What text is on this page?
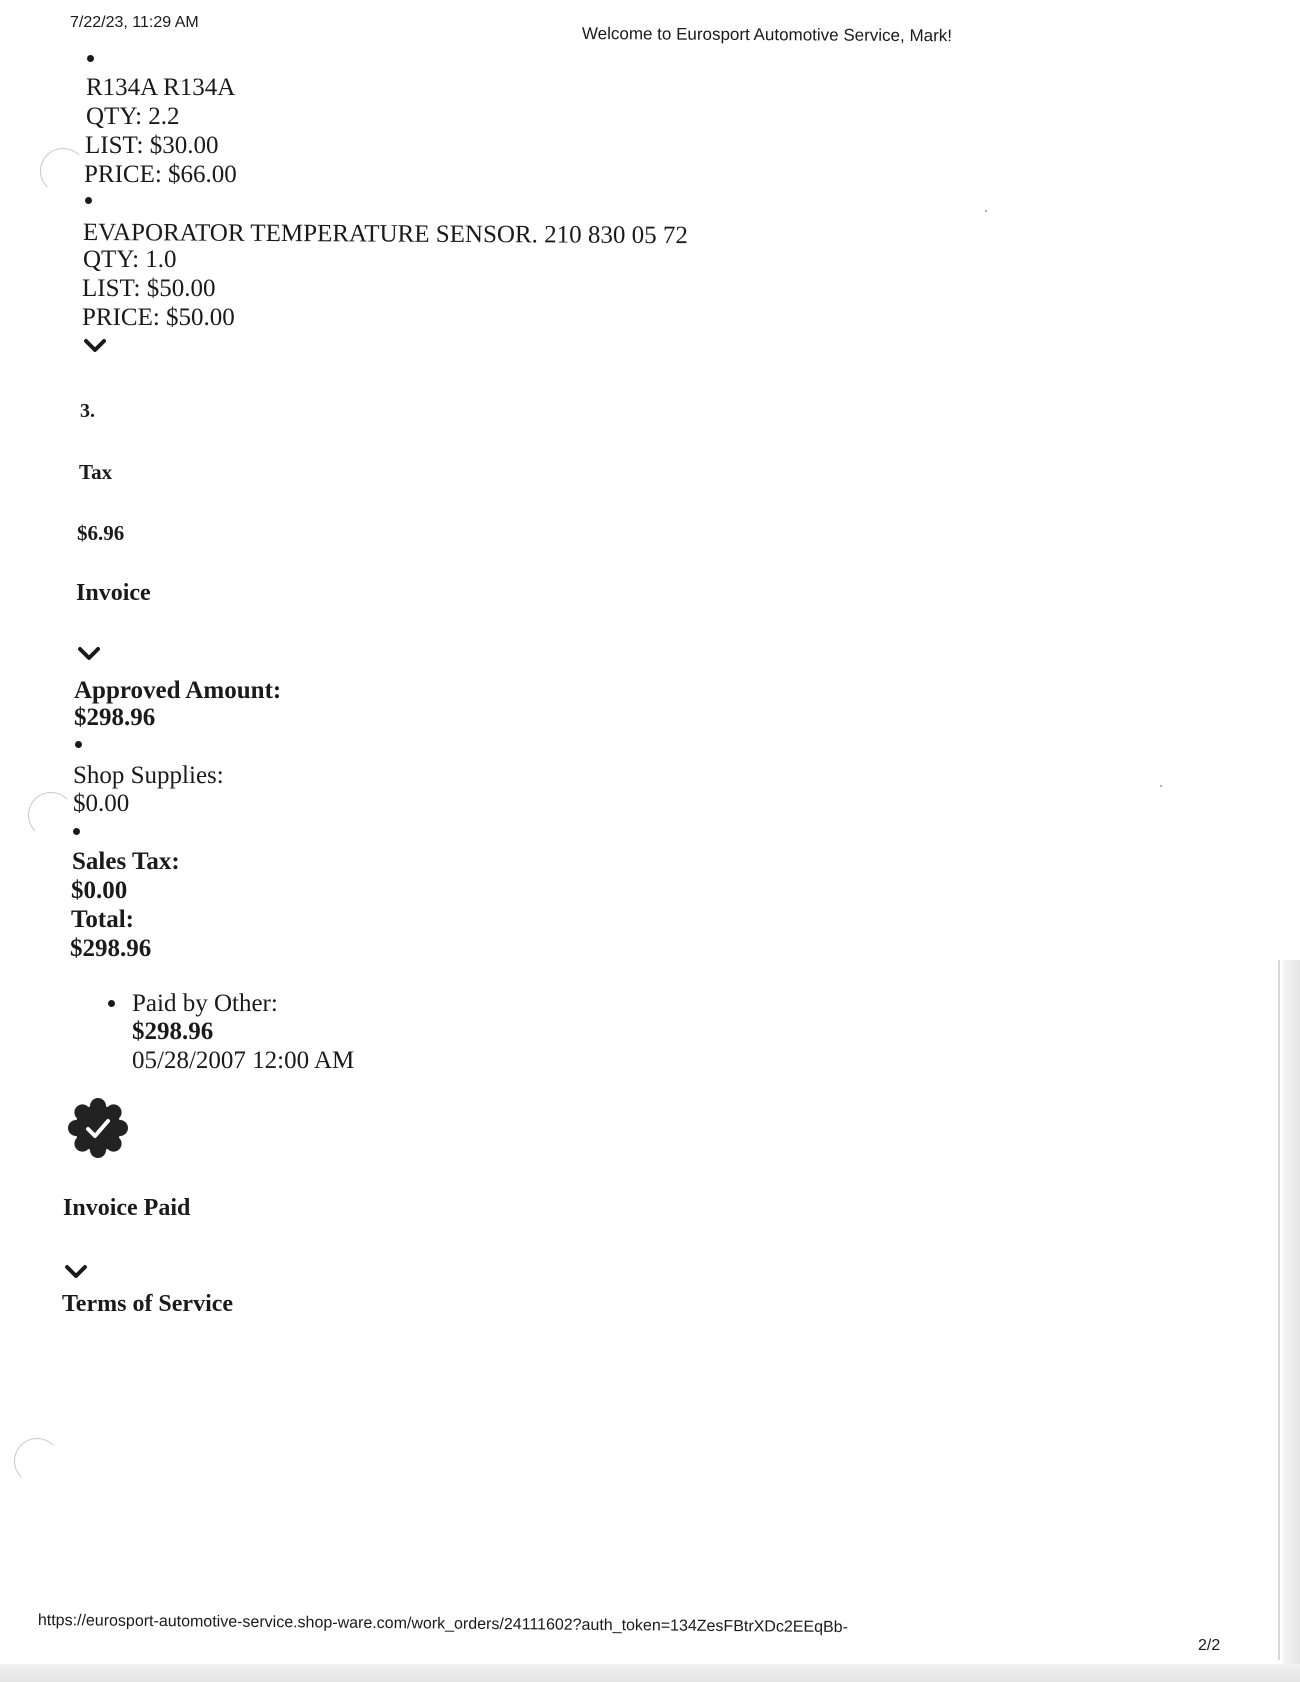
7/22/23, 11:29 AM
Welcome to Eurosport Automotive Service, Mark!
R134A R134A
QTY: 2.2
LIST: $30.00
PRICE: $66.00
EVAPORATOR TEMPERATURE SENSOR. 210 830 05 72
QTY: 1.0
LIST: $50.00
PRICE: $50.00
3.
Tax
$6.96
Invoice
Approved Amount:
$298.96
Shop Supplies:
$0.00
Sales Tax:
$0.00
Total:
$298.96
Paid by Other:
$298.96
05/28/2007 12:00 AM
Invoice Paid
Terms of Service
https://eurosport-automotive-service.shop-ware.com/work_orders/24111602?auth_token=134ZesFBtrXDc2EEqBb-
2/2
